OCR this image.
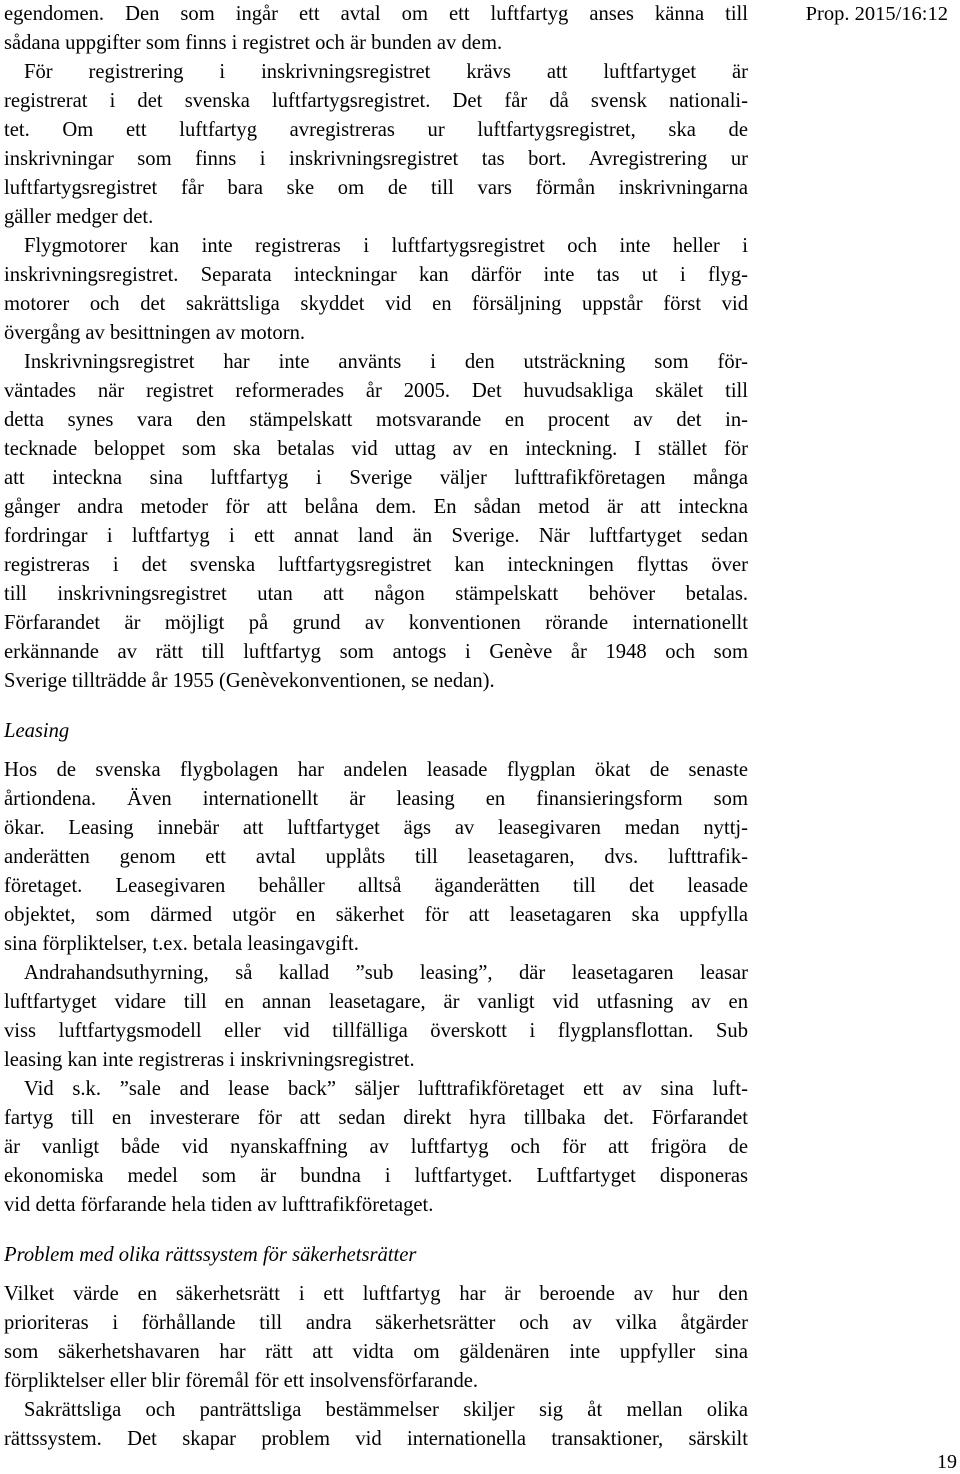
Prop. 2015/16:12
egendomen. Den som ingår ett avtal om ett luftfartyg anses känna till
sådana uppgifter som finns i registret och är bunden av dem.
För registrering i inskrivningsregistret krävs att luftfartyget är
registrerat i det svenska luftfartygsregistret. Det får då svensk nationali-
tet. Om ett luftfartyg avregistreras ur luftfartygsregistret, ska de
inskrivningar som finns i inskrivningsregistret tas bort. Avregistrering ur
luftfartygsregistret får bara ske om de till vars förmån inskrivningarna
gäller medger det.
Flygmotorer kan inte registreras i luftfartygsregistret och inte heller i
inskrivningsregistret. Separata inteckningar kan därför inte tas ut i flyg-
motorer och det sakrättsliga skyddet vid en försäljning uppstår först vid
övergång av besittningen av motorn.
Inskrivningsregistret har inte använts i den utsträckning som för-
väntades när registret reformerades år 2005. Det huvudsakliga skälet till
detta synes vara den stämpelskatt motsvarande en procent av det in-
tecknade beloppet som ska betalas vid uttag av en inteckning. I stället för
att inteckna sina luftfartyg i Sverige väljer lufttrafikföretagen många
gånger andra metoder för att belåna dem. En sådan metod är att inteckna
fordringar i luftfartyg i ett annat land än Sverige. När luftfartyget sedan
registreras i det svenska luftfartygsregistret kan inteckningen flyttas över
till inskrivningsregistret utan att någon stämpelskatt behöver betalas.
Förfarandet är möjligt på grund av konventionen rörande internationellt
erkännande av rätt till luftfartyg som antogs i Genève år 1948 och som
Sverige tillträdde år 1955 (Genèvekonventionen, se nedan).
Leasing
Hos de svenska flygbolagen har andelen leasade flygplan ökat de senaste
årtiondena. Även internationellt är leasing en finansieringsform som
ökar. Leasing innebär att luftfartyget ägs av leasegivaren medan nyttj-
anderätten genom ett avtal upplåts till leasetagaren, dvs. lufttrafik-
företaget. Leasegivaren behåller alltså äganderätten till det leasade
objektet, som därmed utgör en säkerhet för att leasetagaren ska uppfylla
sina förpliktelser, t.ex. betala leasingavgift.
Andrahandsuthyrning, så kallad ”sub leasing”, där leasetagaren leasar
luftfartyget vidare till en annan leasetagare, är vanligt vid utfasning av en
viss luftfartygsmodell eller vid tillfälliga överskott i flygplansflottan. Sub
leasing kan inte registreras i inskrivningsregistret.
Vid s.k. ”sale and lease back” säljer lufttrafikföretaget ett av sina luft-
fartyg till en investerare för att sedan direkt hyra tillbaka det. Förfarandet
är vanligt både vid nyanskaffning av luftfartyg och för att frigöra de
ekonomiska medel som är bundna i luftfartyget. Luftfartyget disponeras
vid detta förfarande hela tiden av lufttrafikföretaget.
Problem med olika rättssystem för säkerhetsrätter
Vilket värde en säkerhetsrätt i ett luftfartyg har är beroende av hur den
prioriteras i förhållande till andra säkerhetsrätter och av vilka åtgärder
som säkerhetshavaren har rätt att vidta om gäldenären inte uppfyller sina
förpliktelser eller blir föremål för ett insolvensförfarande.
Sakrättsliga och panträttsliga bestämmelser skiljer sig åt mellan olika
rättssystem. Det skapar problem vid internationella transaktioner, särskilt
19
